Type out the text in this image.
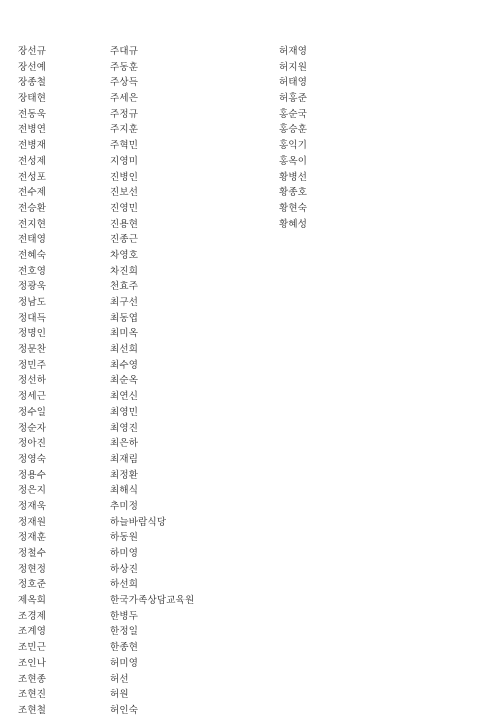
장선규
장선예
장종철
장태현
전동욱
전병연
전병재
전성제
전성포
전수제
전승환
전지현
전태영
전혜숙
전호영
정광욱
정남도
정대득
정명인
정문찬
정민주
정선하
정세근
정수일
정순자
정아진
정영숙
정용수
정은지
정재욱
정재원
정재훈
정철수
정현정
정호준
제옥희
조경제
조계영
조민근
조인나
조현종
조현진
조현철
주대규
주동훈
주상득
주세은
주정규
주지훈
주혁민
지영미
진병인
진보선
진영민
진용현
진종근
차영호
차진희
천효주
최구선
최동엽
최미옥
최선희
최수영
최순옥
최연신
최영민
최영진
최은하
최재림
최정환
최해식
추미정
하늘바람식당
하동원
하미영
하상진
하선희
한국가족상담교육원
한병두
한정일
한종현
허미영
허선
허원
허인숙
허재영
허지원
허태영
허홍준
홍순국
홍승훈
홍익기
홍옥이
황병선
황종호
황현숙
황혜성
